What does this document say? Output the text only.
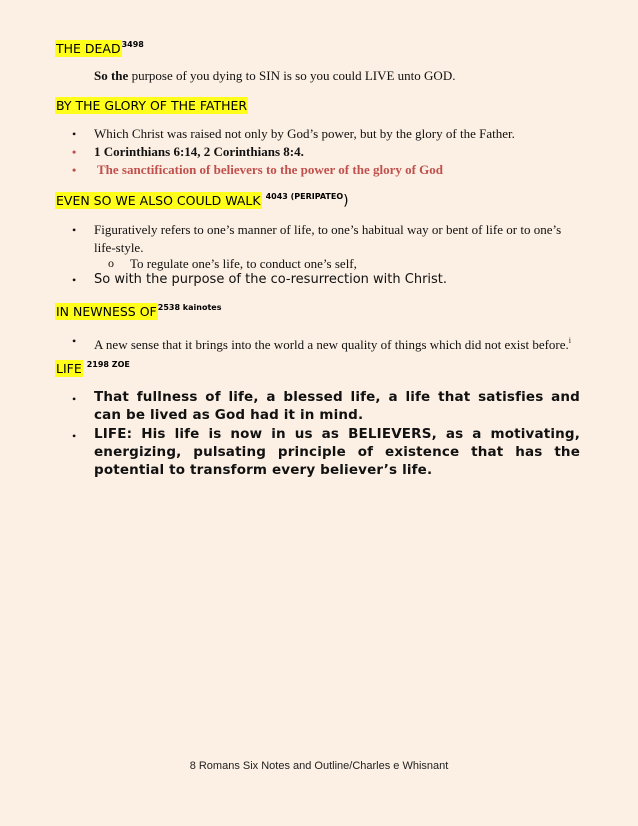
THE $DEAD^{3498}$
So the purpose of you dying to SIN is so you could LIVE unto GOD.
BY THE GLORY OF THE FATHER
• Which Christ was raised not only by God’s power, but by the glory of the Father.
• 1 Corinthians 6:14, 2 Corinthians 8:4.
• The sanctification of believers to the power of the glory of God
EVEN SO WE ALSO COULD WALK $^{4043 (PERIPATEO}$)
• Figuratively refers to one’s manner of life, to one’s habitual way or bent of life or to one’s life-style.
o To regulate one’s life, to conduct one’s self,
• So with the purpose of the co-resurrection with Christ.
IN NEWNESS $OF^{2538 kainotes}$
• A new sense that it brings into the world a new quality of things which did not exist before.$^i$
LIFE $^{2198 ZOE}$
• That fullness of life, a blessed life, a life that satisfies and can be lived as God had it in mind.
• LIFE: His life is now in us as BELIEVERS, as a motivating, energizing, pulsating principle of existence that has the potential to transform every believer’s life.
8 Romans Six Notes and Outline/Charles e Whisnant
